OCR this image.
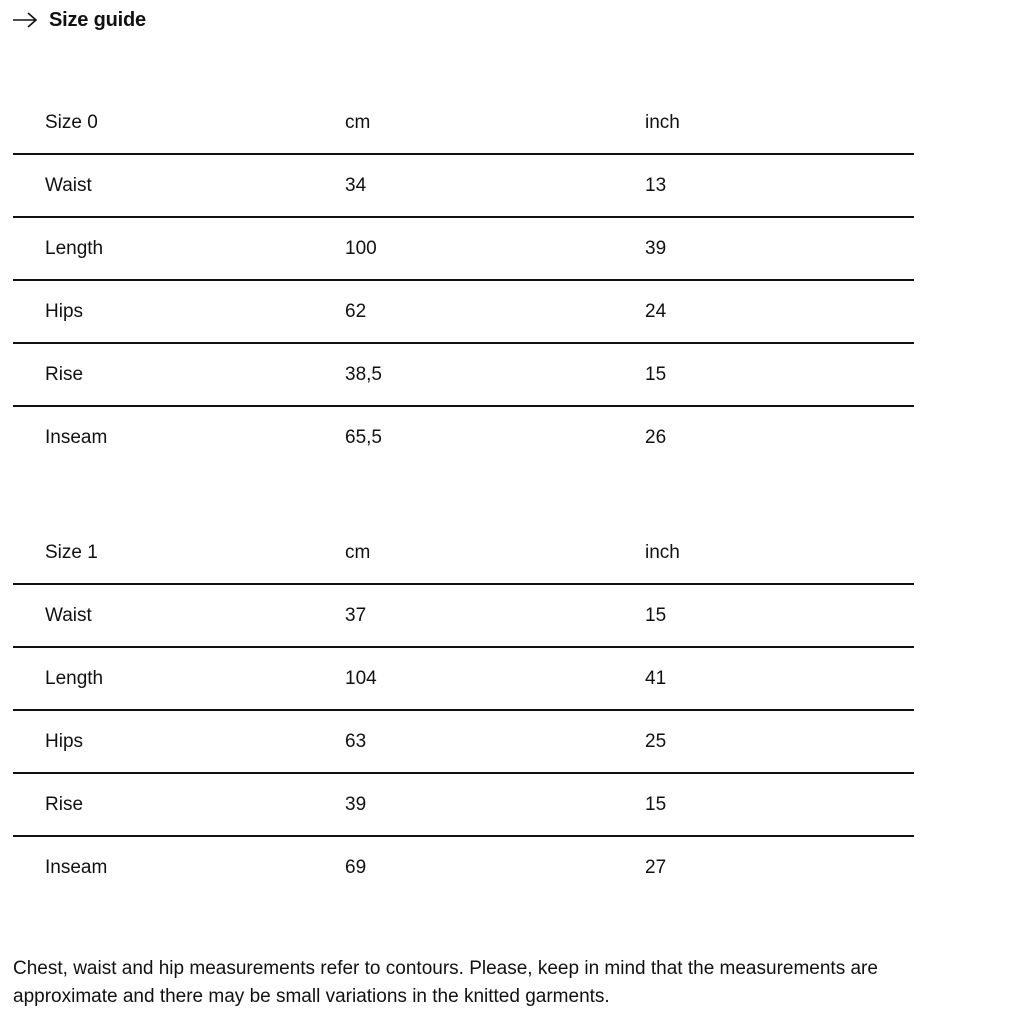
Size guide
Size 0	cm	inch
Waist	34	13
Length	100	39
Hips	62	24
Rise	38,5	15
Inseam	65,5	26
Size 1	cm	inch
Waist	37	15
Length	104	41
Hips	63	25
Rise	39	15
Inseam	69	27

Chest, waist and hip measurements refer to contours. Please, keep in mind that the measurements are approximate and there may be small variations in the knitted garments.
